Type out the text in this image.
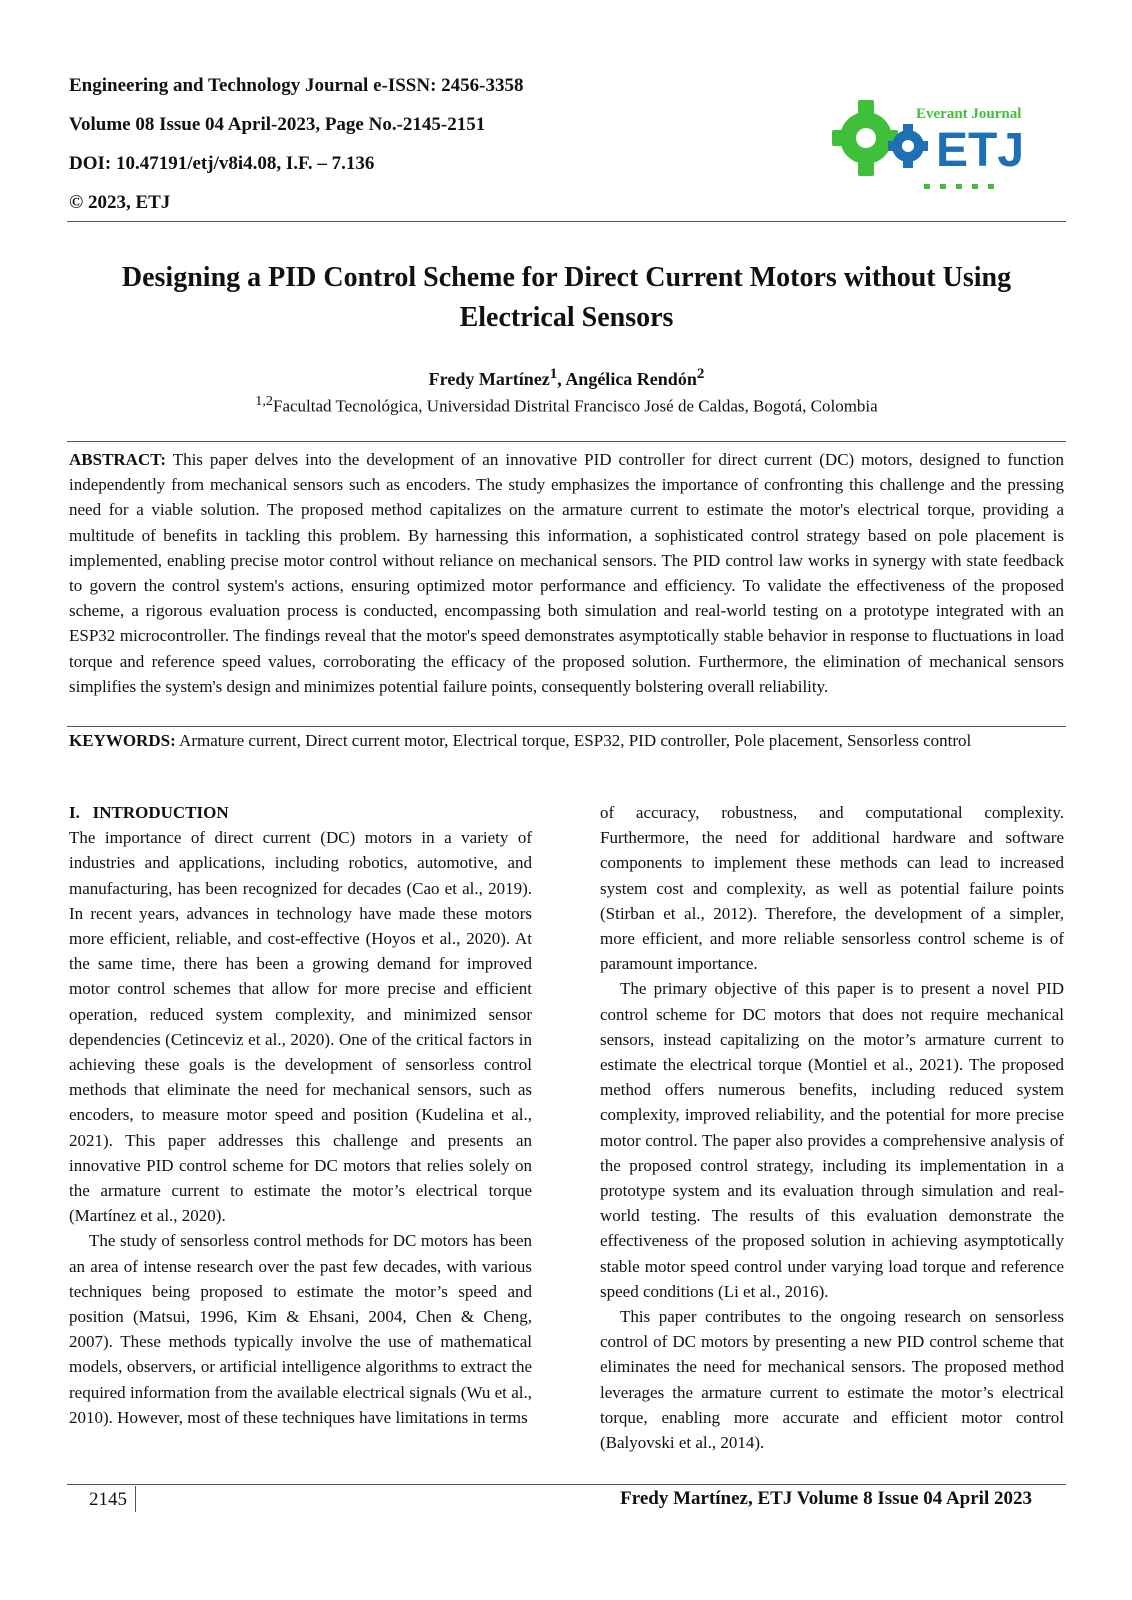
Engineering and Technology Journal e-ISSN: 2456-3358
Volume 08 Issue 04 April-2023, Page No.-2145-2151
DOI: 10.47191/etj/v8i4.08, I.F. – 7.136
© 2023, ETJ
Everant Journal
ETJ
Designing a PID Control Scheme for Direct Current Motors without Using Electrical Sensors
Fredy Martínez$^1$, Angélica Rendón$^2$
$^{1,2}$Facultad Tecnológica, Universidad Distrital Francisco José de Caldas, Bogotá, Colombia
ABSTRACT: This paper delves into the development of an innovative PID controller for direct current (DC) motors, designed to function independently from mechanical sensors such as encoders. The study emphasizes the importance of confronting this challenge and the pressing need for a viable solution. The proposed method capitalizes on the armature current to estimate the motor's electrical torque, providing a multitude of benefits in tackling this problem. By harnessing this information, a sophisticated control strategy based on pole placement is implemented, enabling precise motor control without reliance on mechanical sensors. The PID control law works in synergy with state feedback to govern the control system's actions, ensuring optimized motor performance and efficiency. To validate the effectiveness of the proposed scheme, a rigorous evaluation process is conducted, encompassing both simulation and real-world testing on a prototype integrated with an ESP32 microcontroller. The findings reveal that the motor's speed demonstrates asymptotically stable behavior in response to fluctuations in load torque and reference speed values, corroborating the efficacy of the proposed solution. Furthermore, the elimination of mechanical sensors simplifies the system's design and minimizes potential failure points, consequently bolstering overall reliability.
KEYWORDS: Armature current, Direct current motor, Electrical torque, ESP32, PID controller, Pole placement, Sensorless control
I.   INTRODUCTION

The importance of direct current (DC) motors in a variety of industries and applications, including robotics, automotive, and manufacturing, has been recognized for decades (Cao et al., 2019). In recent years, advances in technology have made these motors more efficient, reliable, and cost-effective (Hoyos et al., 2020). At the same time, there has been a growing demand for improved motor control schemes that allow for more precise and efficient operation, reduced system complexity, and minimized sensor dependencies (Cetinceviz et al., 2020). One of the critical factors in achieving these goals is the development of sensorless control methods that eliminate the need for mechanical sensors, such as encoders, to measure motor speed and position (Kudelina et al., 2021). This paper addresses this challenge and presents an innovative PID control scheme for DC motors that relies solely on the armature current to estimate the motor’s electrical torque (Martínez et al., 2020).

The study of sensorless control methods for DC motors has been an area of intense research over the past few decades, with various techniques being proposed to estimate the motor’s speed and position (Matsui, 1996, Kim & Ehsani, 2004, Chen & Cheng, 2007). These methods typically involve the use of mathematical models, observers, or artificial intelligence algorithms to extract the required information from the available electrical signals (Wu et al., 2010). However, most of these techniques have limitations in terms

of accuracy, robustness, and computational complexity. Furthermore, the need for additional hardware and software components to implement these methods can lead to increased system cost and complexity, as well as potential failure points (Stirban et al., 2012). Therefore, the development of a simpler, more efficient, and more reliable sensorless control scheme is of paramount importance.

The primary objective of this paper is to present a novel PID control scheme for DC motors that does not require mechanical sensors, instead capitalizing on the motor’s armature current to estimate the electrical torque (Montiel et al., 2021). The proposed method offers numerous benefits, including reduced system complexity, improved reliability, and the potential for more precise motor control. The paper also provides a comprehensive analysis of the proposed control strategy, including its implementation in a prototype system and its evaluation through simulation and real-world testing. The results of this evaluation demonstrate the effectiveness of the proposed solution in achieving asymptotically stable motor speed control under varying load torque and reference speed conditions (Li et al., 2016).

This paper contributes to the ongoing research on sensorless control of DC motors by presenting a new PID control scheme that eliminates the need for mechanical sensors. The proposed method leverages the armature current to estimate the motor’s electrical torque, enabling more accurate and efficient motor control (Balyovski et al., 2014).

2145	Fredy Martínez, ETJ Volume 8 Issue 04 April 2023
